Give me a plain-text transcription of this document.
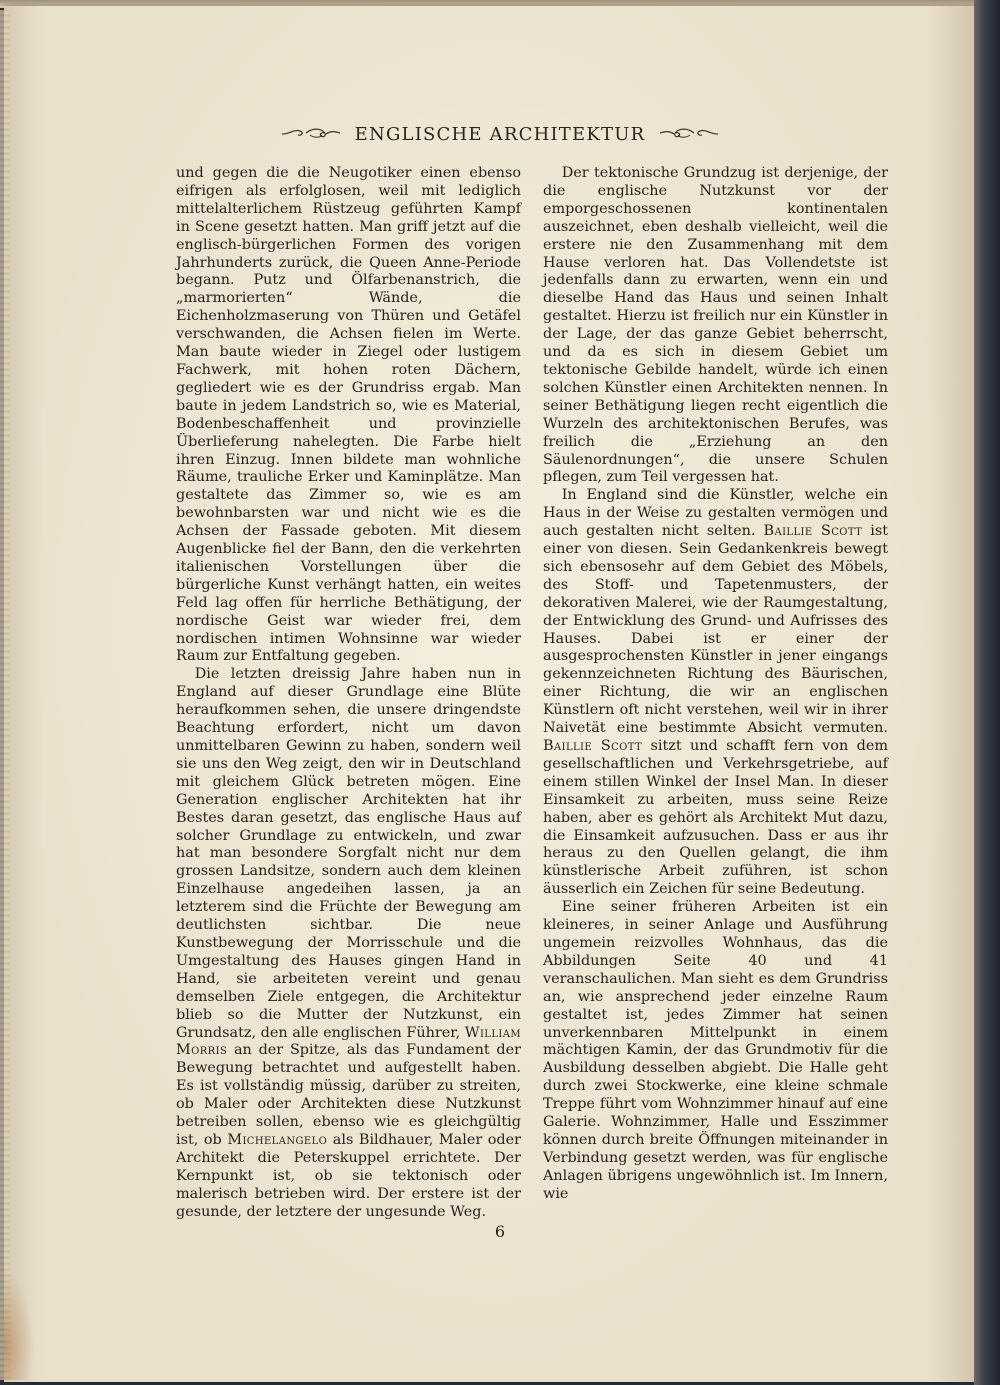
ENGLISCHE ARCHITEKTUR

und gegen die die Neugotiker einen ebenso eifrigen als erfolglosen, weil mit lediglich mittelalterlichem Rüstzeug geführten Kampf in Scene gesetzt hatten. Man griff jetzt auf die englisch-bürgerlichen Formen des vorigen Jahrhunderts zurück, die Queen Anne-Periode begann. Putz und Ölfarbenanstrich, die „marmorierten“ Wände, die Eichenholzmaserung von Thüren und Getäfel verschwanden, die Achsen fielen im Werte. Man baute wieder in Ziegel oder lustigem Fachwerk, mit hohen roten Dächern, gegliedert wie es der Grundriss ergab. Man baute in jedem Landstrich so, wie es Material, Bodenbeschaffenheit und provinzielle Überlieferung nahelegten. Die Farbe hielt ihren Einzug. Innen bildete man wohnliche Räume, trauliche Erker und Kaminplätze. Man gestaltete das Zimmer so, wie es am bewohnbarsten war und nicht wie es die Achsen der Fassade geboten. Mit diesem Augenblicke fiel der Bann, den die verkehrten italienischen Vorstellungen über die bürgerliche Kunst verhängt hatten, ein weites Feld lag offen für herrliche Bethätigung, der nordische Geist war wieder frei, dem nordischen intimen Wohnsinne war wieder Raum zur Entfaltung gegeben.

Die letzten dreissig Jahre haben nun in England auf dieser Grundlage eine Blüte heraufkommen sehen, die unsere dringendste Beachtung erfordert, nicht um davon unmittelbaren Gewinn zu haben, sondern weil sie uns den Weg zeigt, den wir in Deutschland mit gleichem Glück betreten mögen. Eine Generation englischer Architekten hat ihr Bestes daran gesetzt, das englische Haus auf solcher Grundlage zu entwickeln, und zwar hat man besondere Sorgfalt nicht nur dem grossen Landsitze, sondern auch dem kleinen Einzelhause angedeihen lassen, ja an letzterem sind die Früchte der Bewegung am deutlichsten sichtbar. Die neue Kunstbewegung der Morrisschule und die Umgestaltung des Hauses gingen Hand in Hand, sie arbeiteten vereint und genau demselben Ziele entgegen, die Architektur blieb so die Mutter der Nutzkunst, ein Grundsatz, den alle englischen Führer, William Morris an der Spitze, als das Fundament der Bewegung betrachtet und aufgestellt haben. Es ist vollständig müssig, darüber zu streiten, ob Maler oder Architekten diese Nutzkunst betreiben sollen, ebenso wie es gleichgültig ist, ob Michelangelo als Bildhauer, Maler oder Architekt die Peterskuppel errichtete. Der Kernpunkt ist, ob sie tektonisch oder malerisch betrieben wird. Der erstere ist der gesunde, der letztere der ungesunde Weg.

Der tektonische Grundzug ist derjenige, der die englische Nutzkunst vor der emporgeschossenen kontinentalen auszeichnet, eben deshalb vielleicht, weil die erstere nie den Zusammenhang mit dem Hause verloren hat. Das Vollendetste ist jedenfalls dann zu erwarten, wenn ein und dieselbe Hand das Haus und seinen Inhalt gestaltet. Hierzu ist freilich nur ein Künstler in der Lage, der das ganze Gebiet beherrscht, und da es sich in diesem Gebiet um tektonische Gebilde handelt, würde ich einen solchen Künstler einen Architekten nennen. In seiner Bethätigung liegen recht eigentlich die Wurzeln des architektonischen Berufes, was freilich die „Erziehung an den Säulenordnungen“, die unsere Schulen pflegen, zum Teil vergessen hat.

In England sind die Künstler, welche ein Haus in der Weise zu gestalten vermögen und auch gestalten nicht selten. Baillie Scott ist einer von diesen. Sein Gedankenkreis bewegt sich ebensosehr auf dem Gebiet des Möbels, des Stoff- und Tapetenmusters, der dekorativen Malerei, wie der Raumgestaltung, der Entwicklung des Grund- und Aufrisses des Hauses. Dabei ist er einer der ausgesprochensten Künstler in jener eingangs gekennzeichneten Richtung des Bäurischen, einer Richtung, die wir an englischen Künstlern oft nicht verstehen, weil wir in ihrer Naivetät eine bestimmte Absicht vermuten. Baillie Scott sitzt und schafft fern von dem gesellschaftlichen und Verkehrsgetriebe, auf einem stillen Winkel der Insel Man. In dieser Einsamkeit zu arbeiten, muss seine Reize haben, aber es gehört als Architekt Mut dazu, die Einsamkeit aufzusuchen. Dass er aus ihr heraus zu den Quellen gelangt, die ihm künstlerische Arbeit zuführen, ist schon äusserlich ein Zeichen für seine Bedeutung.

Eine seiner früheren Arbeiten ist ein kleineres, in seiner Anlage und Ausführung ungemein reizvolles Wohnhaus, das die Abbildungen Seite 40 und 41 veranschaulichen. Man sieht es dem Grundriss an, wie ansprechend jeder einzelne Raum gestaltet ist, jedes Zimmer hat seinen unverkennbaren Mittelpunkt in einem mächtigen Kamin, der das Grundmotiv für die Ausbildung desselben abgiebt. Die Halle geht durch zwei Stockwerke, eine kleine schmale Treppe führt vom Wohnzimmer hinauf auf eine Galerie. Wohnzimmer, Halle und Esszimmer können durch breite Öffnungen miteinander in Verbindung gesetzt werden, was für englische Anlagen übrigens ungewöhnlich ist. Im Innern, wie

6
